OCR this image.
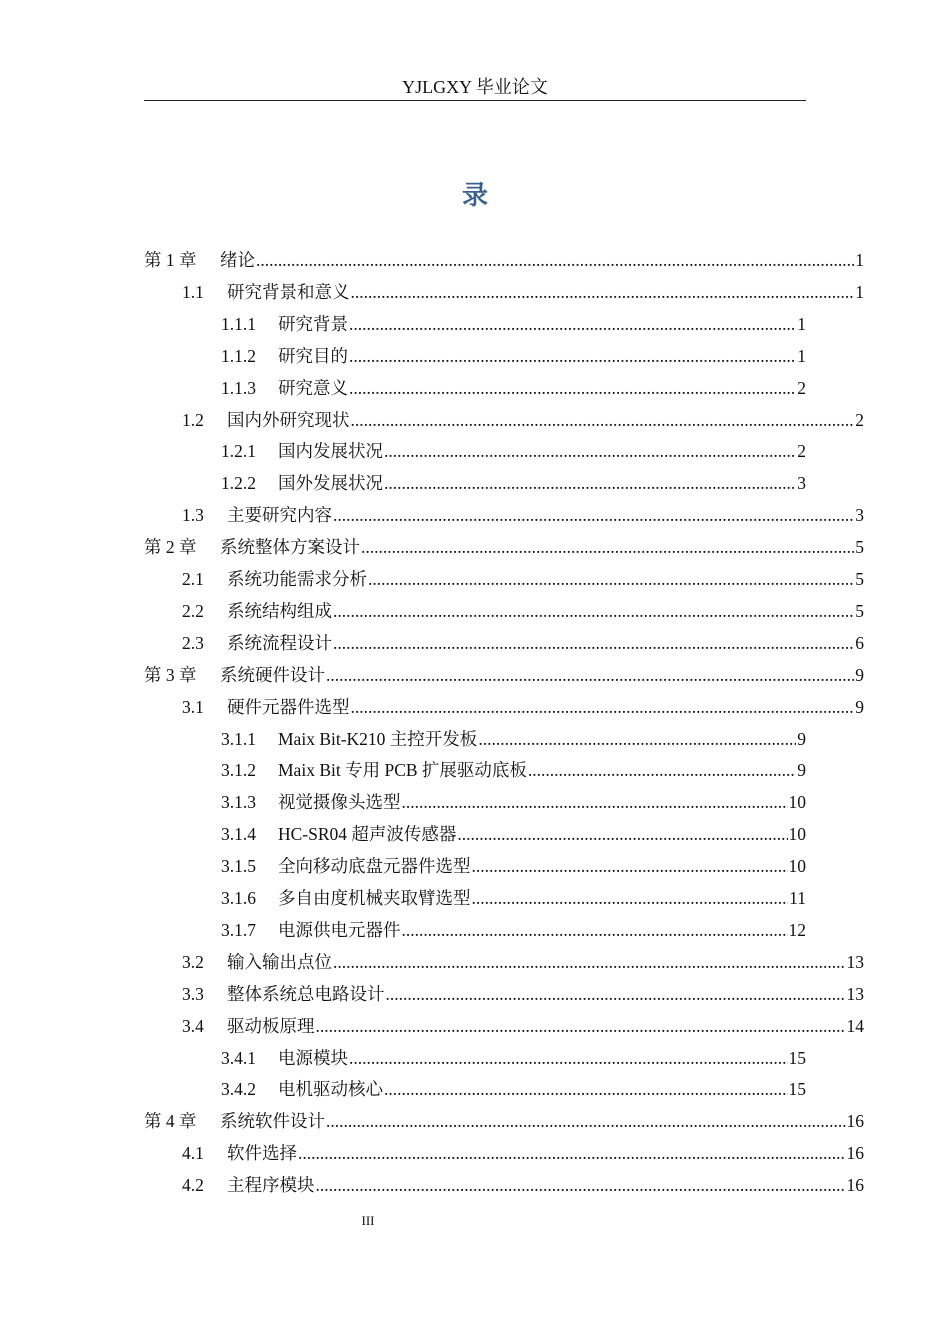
YJLGXY 毕业论文
录
第 1 章	绪论 .....	1
1.1	研究背景和意义 .....	1
1.1.1	研究背景 .....	1
1.1.2	研究目的 .....	1
1.1.3	研究意义 .....	2
1.2	国内外研究现状 .....	2
1.2.1	国内发展状况 .....	2
1.2.2	国外发展状况 .....	3
1.3	主要研究内容 .....	3
第 2 章	系统整体方案设计 .....	5
2.1	系统功能需求分析 .....	5
2.2	系统结构组成 .....	5
2.3	系统流程设计 .....	6
第 3 章	系统硬件设计 .....	9
3.1	硬件元器件选型 .....	9
3.1.1	Maix Bit-K210 主控开发板 .....	9
3.1.2	Maix Bit 专用 PCB 扩展驱动底板 .....	9
3.1.3	视觉摄像头选型 .....	10
3.1.4	HC-SR04 超声波传感器 .....	10
3.1.5	全向移动底盘元器件选型 .....	10
3.1.6	多自由度机械夹取臂选型 .....	11
3.1.7	电源供电元器件 .....	12
3.2	输入输出点位 .....	13
3.3	整体系统总电路设计 .....	13
3.4	驱动板原理 .....	14
3.4.1	电源模块 .....	15
3.4.2	电机驱动核心 .....	15
第 4 章	系统软件设计 .....	16
4.1	软件选择 .....	16
4.2	主程序模块 .....	16
III
